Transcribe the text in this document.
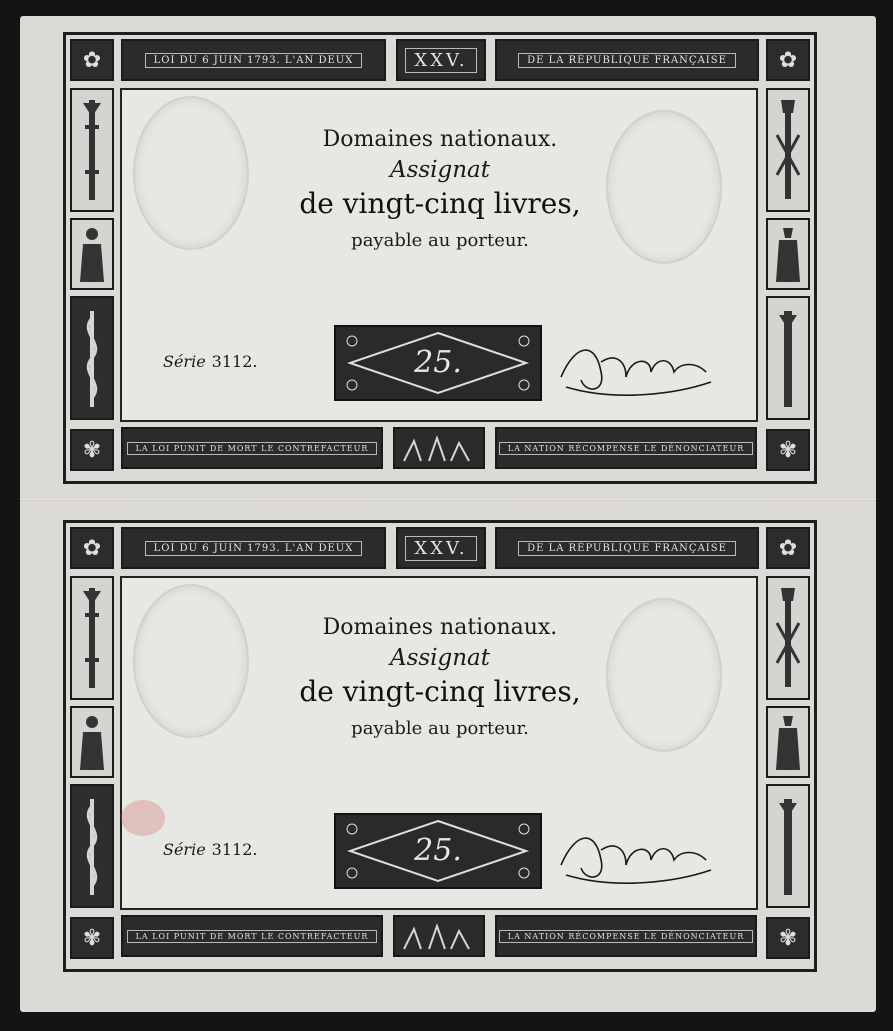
✿	✿
✾	✾
LOI DU 6 JUIN 1793. L'AN DEUX	XXV.	DE LA RÉPUBLIQUE FRANÇAISE
Domaines nationaux.
Assignat
de vingt-cinq livres,
payable au porteur.
Série 3112.	25.
LA LOI PUNIT DE MORT LE CONTREFACTEUR	LA NATION RÉCOMPENSE LE DÉNONCIATEUR
✿	✿
✾	✾
LOI DU 6 JUIN 1793. L'AN DEUX	XXV.	DE LA RÉPUBLIQUE FRANÇAISE
Domaines nationaux.
Assignat
de vingt-cinq livres,
payable au porteur.
Série 3112.	25.
LA LOI PUNIT DE MORT LE CONTREFACTEUR	LA NATION RÉCOMPENSE LE DÉNONCIATEUR
